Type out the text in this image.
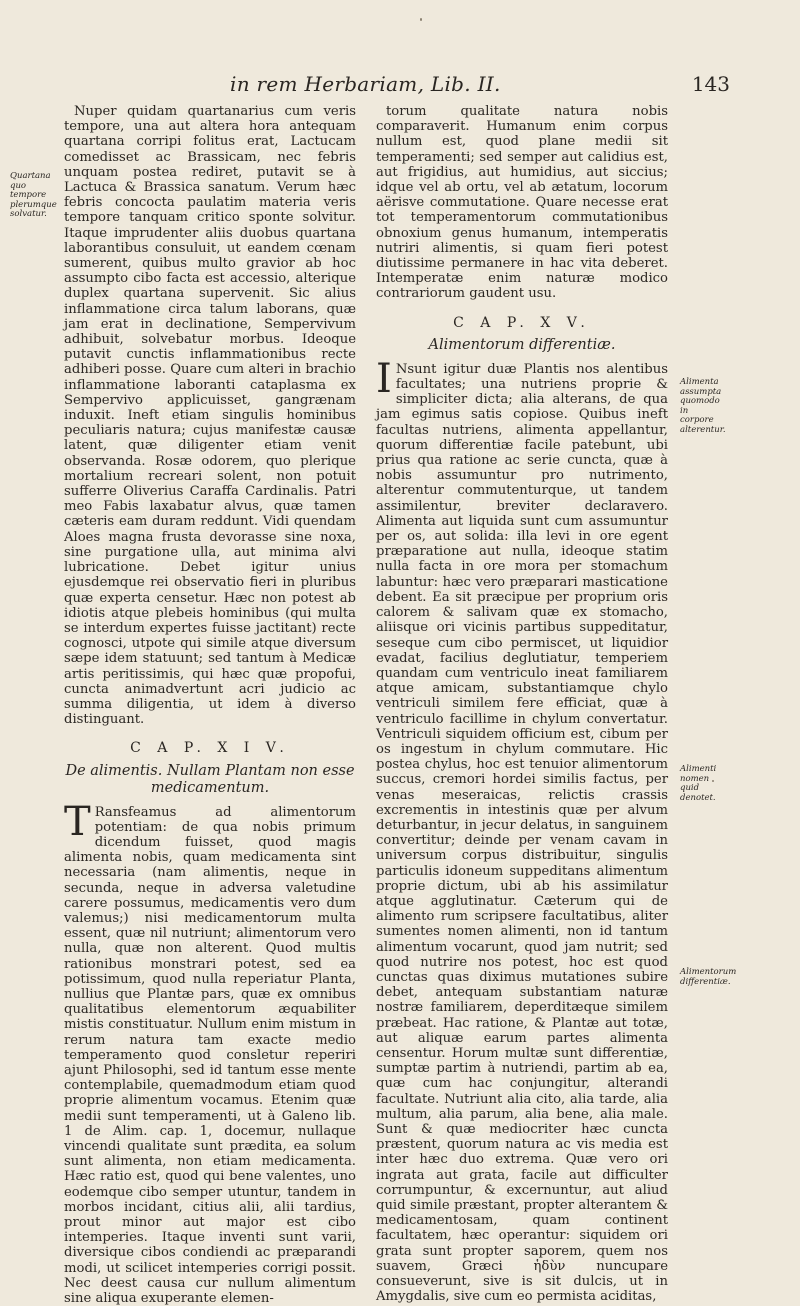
in rem Herbariam, Lib. II.	143
Quartana quo tempore plerumque solvatur.
Alimenta assumpta quomodo in corpore alterentur.
Alimenti nomen quid denotet.
Alimentorum differentiæ.

Nuper quidam quartanarius cum veris tempore, una aut altera hora antequam quartana corripi folitus erat, Lactucam comedisset ac Brassicam, nec febris unquam postea rediret, putavit se à Lactuca & Brassica sanatum. Verum hæc febris concocta paulatim materia veris tempore tanquam critico sponte solvitur. Itaque imprudenter aliis duobus quartana laborantibus consuluit, ut eandem cœnam sumerent, quibus multo gravior ab hoc assumpto cibo facta est accessio, alterique duplex quartana supervenit. Sic alius inflammatione circa talum laborans, quæ jam erat in declinatione, Sempervivum adhibuit, solvebatur morbus. Ideoque putavit cunctis inflammationibus recte adhiberi posse. Quare cum alteri in brachio inflammatione laboranti cataplasma ex Sempervivo applicuisset, gangrænam induxit. Ineft etiam singulis hominibus peculiaris natura; cujus manifestæ causæ latent, quæ diligenter etiam venit observanda. Rosæ odorem, quo plerique mortalium recreari solent, non potuit sufferre Oliverius Caraffa Cardinalis. Patri meo Fabis laxabatur alvus, quæ tamen cæteris eam duram reddunt. Vidi quendam Aloes magna frusta devorasse sine noxa, sine purgatione ulla, aut minima alvi lubricatione. Debet igitur unius ejusdemque rei observatio fieri in pluribus quæ experta censetur. Hæc non potest ab idiotis atque plebeis hominibus (qui multa se interdum expertes fuisse jactitant) recte cognosci, utpote qui simile atque diversum sæpe idem statuunt; sed tantum à Medicæ artis peritissimis, qui hæc quæ propofui, cuncta animadvertunt acri judicio ac summa diligentia, ut idem à diverso distinguant.

C A P. X I V.
De alimentis. Nullam Plantam non esse medicamentum.

T Ransfeamus ad alimentorum potentiam: de qua nobis primum dicendum fuisset, quod magis alimenta nobis, quam medicamenta sint necessaria (nam alimentis, neque in secunda, neque in adversa valetudine carere possumus, medicamentis vero dum valemus;) nisi medicamentorum multa essent, quæ nil nutriunt; alimentorum vero nulla, quæ non alterent. Quod multis rationibus monstrari potest, sed ea potissimum, quod nulla reperiatur Planta, nullius que Plantæ pars, quæ ex omnibus qualitatibus elementorum æquabiliter mistis constituatur. Nullum enim mistum in rerum natura tam exacte medio temperamento quod consletur reperiri ajunt Philosophi, sed id tantum esse mente contemplabile, quemadmodum etiam quod proprie alimentum vocamus. Etenim quæ medii sunt temperamenti, ut à Galeno lib. 1 de Alim. cap. 1, docemur, nullaque vincendi qualitate sunt prædita, ea solum sunt alimenta, non etiam medicamenta. Hæc ratio est, quod qui bene valentes, uno eodemque cibo semper utuntur, tandem in morbos incidant, citius alii, alii tardius, prout minor aut major est cibo intemperies. Itaque inventi sunt varii, diversique cibos condiendi ac præparandi modi, ut scilicet intemperies corrigi possit. Nec deest causa cur nullum alimentum sine aliqua exuperante elemen-

torum qualitate natura nobis comparaverit. Humanum enim corpus nullum est, quod plane medii sit temperamenti; sed semper aut calidius est, aut frigidius, aut humidius, aut siccius; idque vel ab ortu, vel ab ætatum, locorum aërisve commutatione. Quare necesse erat tot temperamentorum commutationibus obnoxium genus humanum, intemperatis nutriri alimentis, si quam fieri potest diutissime permanere in hac vita deberet. Intemperatæ enim naturæ modico contrariorum gaudent usu.

C A P. X V.
Alimentorum differentiæ.

I Nsunt igitur duæ Plantis nos alentibus facultates; una nutriens proprie & simpliciter dicta; alia alterans, de qua jam egimus satis copiose. Quibus ineft facultas nutriens, alimenta appellantur, quorum differentiæ facile patebunt, ubi prius qua ratione ac serie cuncta, quæ à nobis assumuntur pro nutrimento, alterentur commutenturque, ut tandem assimilentur, breviter declaravero. Alimenta aut liquida sunt cum assumuntur per os, aut solida: illa levi in ore egent præparatione aut nulla, ideoque statim nulla facta in ore mora per stomachum labuntur: hæc vero præparari masticatione debent. Ea sit præcipue per proprium oris calorem & salivam quæ ex stomacho, aliisque ori vicinis partibus suppeditatur, seseque cum cibo permiscet, ut liquidior evadat, facilius deglutiatur, temperiem quandam cum ventriculo ineat familiarem atque amicam, substantiamque chylo ventriculi similem fere efficiat, quæ à ventriculo facillime in chylum convertatur. Ventriculi siquidem officium est, cibum per os ingestum in chylum commutare. Hic postea chylus, hoc est tenuior alimentorum succus, cremori hordei similis factus, per venas meseraicas, relictis crassis excrementis in intestinis quæ per alvum deturbantur, in jecur delatus, in sanguinem convertitur; deinde per venam cavam in universum corpus distribuitur, singulis particulis idoneum suppeditans alimentum proprie dictum, ubi ab his assimilatur atque agglutinatur. Cæterum qui de alimento rum scripsere facultatibus, aliter sumentes nomen alimenti, non id tantum alimentum vocarunt, quod jam nutrit; sed quod nutrire nos potest, hoc est quod cunctas quas diximus mutationes subire debet, antequam substantiam naturæ nostræ familiarem, deperditæque similem præbeat. Hac ratione, & Plantæ aut totæ, aut aliquæ earum partes alimenta censentur. Horum multæ sunt differentiæ, sumptæ partim à nutriendi, partim ab ea, quæ cum hac conjungitur, alterandi facultate. Nutriunt alia cito, alia tarde, alia multum, alia parum, alia bene, alia male. Sunt & quæ mediocriter hæc cuncta præstent, quorum natura ac vis media est inter hæc duo extrema. Quæ vero ori ingrata aut grata, facile aut difficulter corrumpuntur, & excernuntur, aut aliud quid simile præstant, propter alterantem & medicamentosam, quam continent facultatem, hæc operantur: siquidem ori grata sunt propter saporem, quem nos suavem, Græci ἡδὺν nuncupare consueverunt, sive is sit dulcis, ut in Amygdalis, sive cum eo permista aciditas,
